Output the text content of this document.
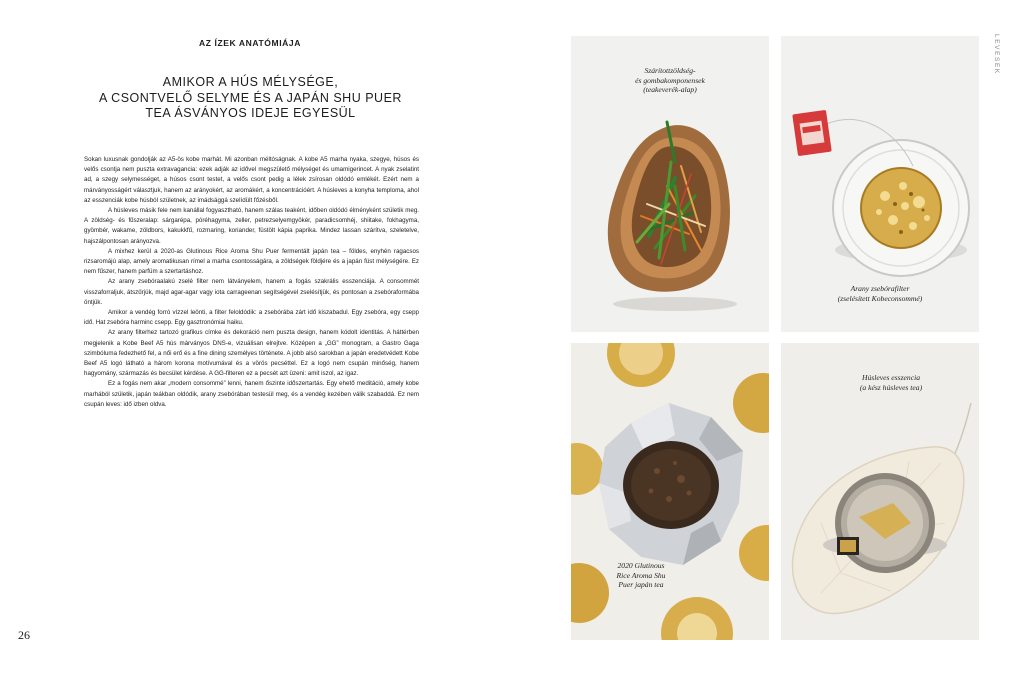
AZ ÍZEK ANATÓMIÁJA
AMIKOR A HÚS MÉLYSÉGE,
A CSONTVELŐ SELYME ÉS A JAPÁN SHU PUER
TEA ÁSVÁNYOS IDEJE EGYESÜL

Sokan luxusnak gondolják az A5-ös kobe marhát. Mi azonban méltóságnak. A kobe A5 marha nyaka, szegye, húsos és velős csontja nem puszta extravagancia: ezek adják az idővel megszülető mélységet és umamigerincet. A nyak zselatint ad, a szegy selymességet, a húsos csont testet, a velős csont pedig a lélek zsírosan oldódó emlékét. Ezért nem a márványosságért választjuk, hanem az arányokért, az aromákért, a koncentrációért. A húsleves a konyha temploma, ahol az esszenciák kobe húsból születnek, az imádsággá szelídült főzésből.

A húsleves másik fele nem kanállal fogyasztható, hanem szálas teaként, időben oldódó élményként születik meg. A zöldség- és fűszeralap: sárgarépa, póréhagyma, zeller, petrezselyemgyökér, paradicsomhéj, shiitake, fokhagyma, gyömbér, wakame, zöldbors, kakukkfű, rozmaring, koriander, füstölt kápia paprika. Mindez lassan szárítva, szeletelve, hajszálpontosan arányozva.

A mixhez kerül a 2020-as Glutinous Rice Aroma Shu Puer fermentált japán tea – földes, enyhén ragacsos rizsaromájú alap, amely aromatikusan rímel a marha csontosságára, a zöldségek földjére és a japán füst mélységére. Ez nem fűszer, hanem parfüm a szertartáshoz.

Az arany zsebóraalakú zselé filter nem látványelem, hanem a fogás szakrális esszenciája. A consommét visszaforraljuk, átszűrjük, majd agar-agar vagy iota carrageenan segítségével zselésítjük, és pontosan a zsebóraformába öntjük.

Amikor a vendég forró vízzel leönti, a filter feloldódik: a zsebórába zárt idő kiszabadul. Egy zsebóra, egy csepp idő. Hat zsebóra harminc csepp. Egy gasztronómiai haiku.

Az arany filterhez tartozó grafikus címke és dekoráció nem puszta design, hanem kódolt identitás. A háttérben megjelenik a Kobe Beef A5 hús márványos DNS-e, vizuálisan elrejtve. Középen a „GG” monogram, a Gastro Gaga szimbóluma fedezhető fel, a női erő és a fine dining személyes története. A jobb alsó sarokban a japán eredetvédett Kobe Beef A5 logó látható a három korona motívumával és a vörös pecséttel. Ez a logó nem csupán minőség, hanem hagyomány, származás és becsület kérdése. A GG-filteren ez a pecsét azt üzeni: amit iszol, az igaz.

Ez a fogás nem akar „modern consommé” lenni, hanem őszinte időszertartás. Egy ehető meditáció, amely kobe marhából születik, japán teákban oldódik, arany zsebórában testesül meg, és a vendég kezében válik szabaddá. Ez nem csupán leves: idő izben oldva.

26
LEVESEK
Szárítottzöldség-
és gombakomponensek
(teakeverék-alap)
Arany zsebórafilter
(zselésített Kobeconsommé)
2020 Glutinous
Rice Aroma Shu
Puer japán tea
Húsleves esszencia
(a kész húsleves tea)
